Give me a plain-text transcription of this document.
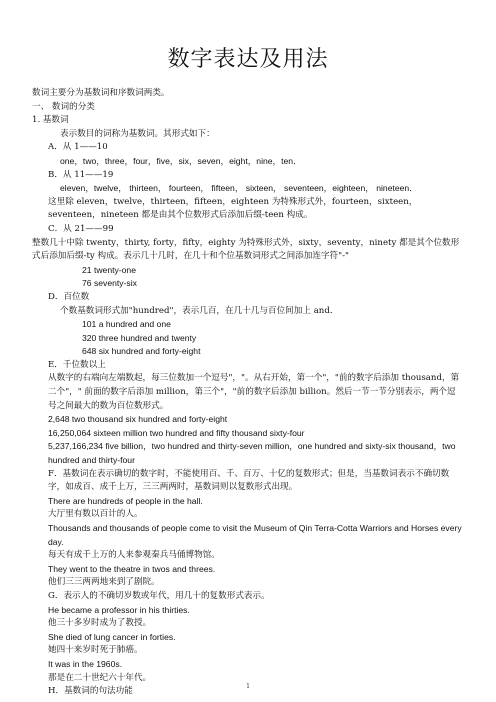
数字表达及用法

数词主要分为基数词和序数词两类。

一、 数词的分类

1. 基数词

表示数目的词称为基数词。其形式如下：

A．从 1——10

one，two，three，four，five，six，seven，eight，nine，ten．

B．从 11——19

eleven，twelve， thirteen， fourteen， fifteen， sixteen， seventeen，eighteen， nineteen．

这里除 eleven，twelve，thirteen，fifteen，eighteen 为特殊形式外，fourteen，sixteen，seventeen，nineteen 都是由其个位数形式后添加后缀-teen 构成。

C．从 21——99

整数几十中除 twenty，thirty, forty，fifty，eighty 为特殊形式外，sixty，seventy，ninety 都是其个位数形式后添加后缀-ty 构成。表示几十几时，在几十和个位基数词形式之间添加连字符"-"

21 twenty-one

76 seventy-six

D．百位数

个数基数词形式加"hundred"，表示几百，在几十几与百位间加上 and．

101 a hundred and one

320 three hundred and twenty

648 six hundred and forty-eight

E．千位数以上

从数字的右端向左端数起，每三位数加一个逗号"，"。从右开始，第一个"，"前的数字后添加 thousand，第二个"，" 前面的数字后添加 million，第三个"，"前的数字后添加 billion。然后一节一节分别表示，两个逗号之间最大的数为百位数形式。

2,648 two thousand six hundred and forty-eight

16,250,064 sixteen million two hundred and fifty thousand sixty-four

5,237,166,234 five billion，two hundred and thirty-seven million，one hundred and sixty-six thousand，two hundred and thirty-four

F．基数词在表示确切的数字时，不能使用百、千、百万、十亿的复数形式；但是，当基数词表示不确切数字，如成百、成千上万，三三两两时，基数词则以复数形式出现。

There are hundreds of people in the hall.

大厅里有数以百计的人。

Thousands and thousands of people come to visit the Museum of Qin Terra-Cotta Warriors and Horses every day.

每天有成千上万的人来参观秦兵马俑博物馆。

They went to the theatre in twos and threes.

他们三三两两地来到了剧院。

G．表示人的不确切岁数或年代，用几十的复数形式表示。

He became a professor in his thirties.

他三十多岁时成为了教授。

She died of lung cancer in forties.

她四十来岁时死于肺癌。

It was in the 1960s.

那是在二十世纪六十年代。

H．基数词的句法功能	1
